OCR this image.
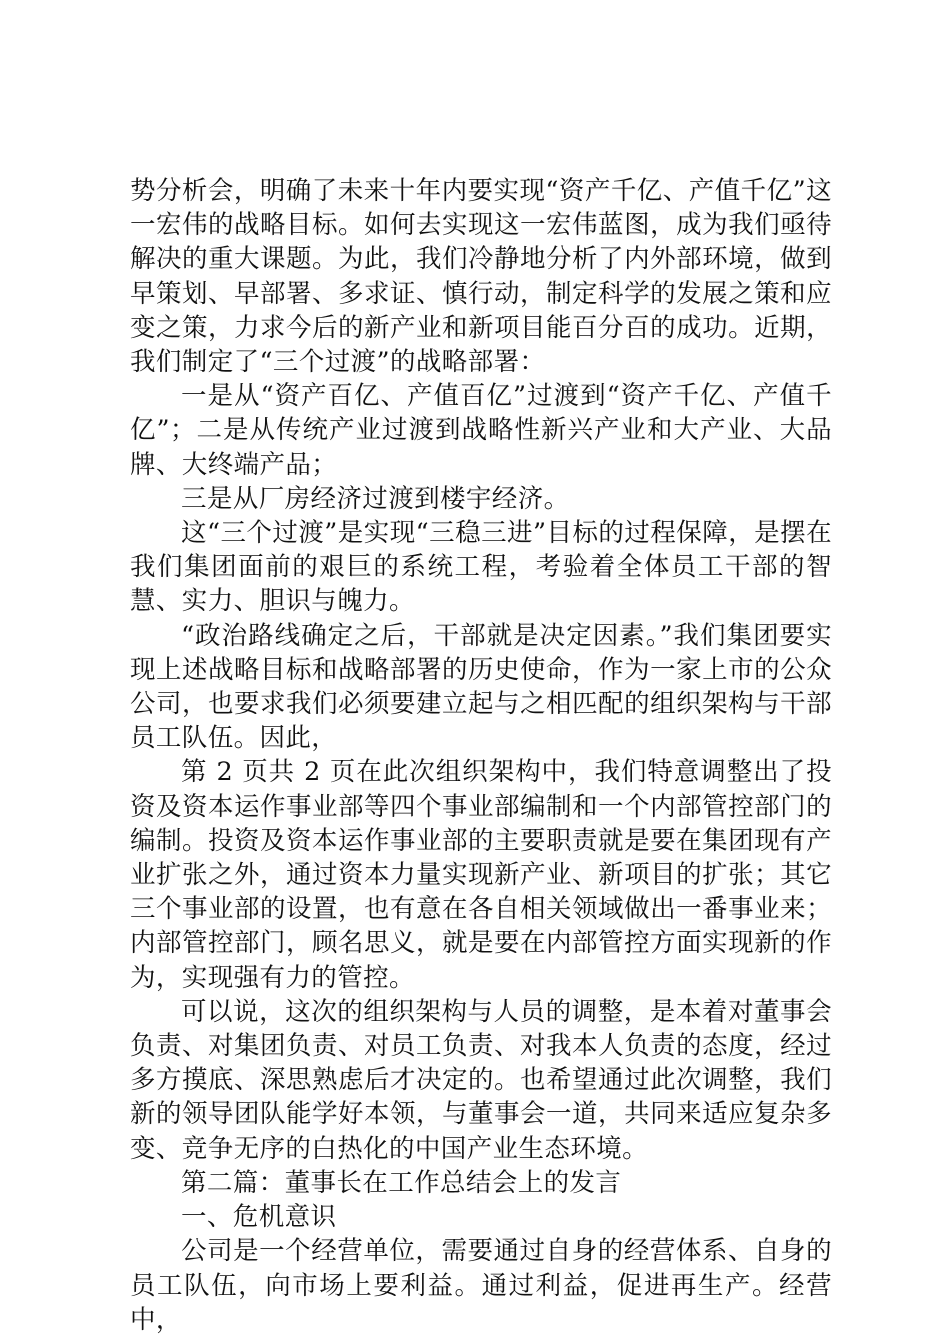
势分析会，明确了未来十年内要实现“资产千亿、产值千亿”这一宏伟的战略目标。如何去实现这一宏伟蓝图，成为我们亟待解决的重大课题。为此，我们冷静地分析了内外部环境，做到早策划、早部署、多求证、慎行动，制定科学的发展之策和应变之策，力求今后的新产业和新项目能百分百的成功。近期，我们制定了“三个过渡”的战略部署：

一是从“资产百亿、产值百亿”过渡到“资产千亿、产值千亿”；二是从传统产业过渡到战略性新兴产业和大产业、大品牌、大终端产品；

三是从厂房经济过渡到楼宇经济。

这“三个过渡”是实现“三稳三进”目标的过程保障，是摆在我们集团面前的艰巨的系统工程，考验着全体员工干部的智慧、实力、胆识与魄力。

“政治路线确定之后，干部就是决定因素。”我们集团要实现上述战略目标和战略部署的历史使命，作为一家上市的公众公司，也要求我们必须要建立起与之相匹配的组织架构与干部员工队伍。因此，

第 2 页共 2 页在此次组织架构中，我们特意调整出了投资及资本运作事业部等四个事业部编制和一个内部管控部门的编制。投资及资本运作事业部的主要职责就是要在集团现有产业扩张之外，通过资本力量实现新产业、新项目的扩张；其它三个事业部的设置，也有意在各自相关领域做出一番事业来；内部管控部门，顾名思义，就是要在内部管控方面实现新的作为，实现强有力的管控。

可以说，这次的组织架构与人员的调整，是本着对董事会负责、对集团负责、对员工负责、对我本人负责的态度，经过多方摸底、深思熟虑后才决定的。也希望通过此次调整，我们新的领导团队能学好本领，与董事会一道，共同来适应复杂多变、竞争无序的白热化的中国产业生态环境。

第二篇：董事长在工作总结会上的发言

一、危机意识

公司是一个经营单位，需要通过自身的经营体系、自身的员工队伍，向市场上要利益。通过利益，促进再生产。经营中，
